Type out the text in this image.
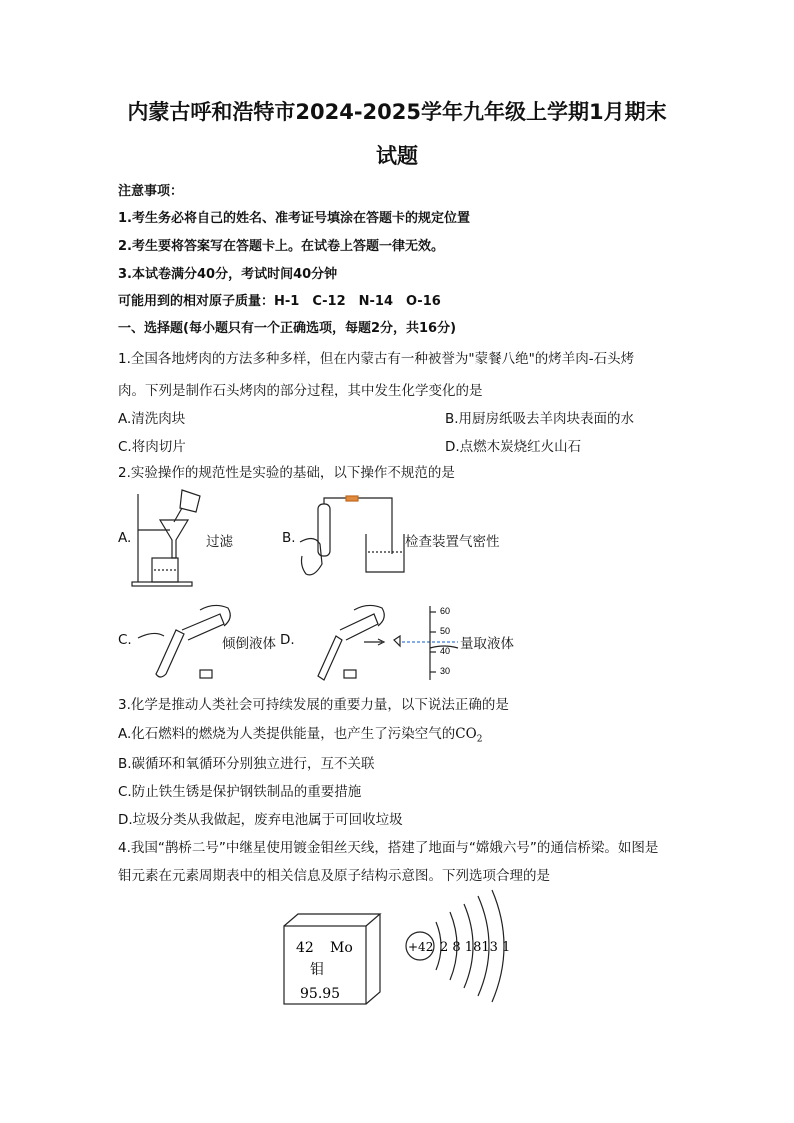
内蒙古呼和浩特市2024-2025学年九年级上学期1月期末
试题
注意事项：
1.考生务必将自己的姓名、准考证号填涂在答题卡的规定位置
2.考生要将答案写在答题卡上。在试卷上答题一律无效。
3.本试卷满分40分，考试时间40分钟
可能用到的相对原子质量：H-1　C-12　N-14　O-16
一、选择题(每小题只有一个正确选项，每题2分，共16分)
1.全国各地烤肉的方法多种多样，但在内蒙古有一种被誉为"蒙餐八绝"的烤羊肉-石头烤
肉。下列是制作石头烤肉的部分过程，其中发生化学变化的是
A.清洗肉块	B.用厨房纸吸去羊肉块表面的水
C.将肉切片	D.点燃木炭烧红火山石
2.实验操作的规范性是实验的基础，以下操作不规范的是
A.	过滤	B.	检查装置气密性
C.	倾倒液体 D.
60
50
40
30
量取液体
3.化学是推动人类社会可持续发展的重要力量，以下说法正确的是
A.化石燃料的燃烧为人类提供能量，也产生了污染空气的$CO_2$
B.碳循环和氧循环分别独立进行，互不关联
C.防止铁生锈是保护钢铁制品的重要措施
D.垃圾分类从我做起，废弃电池属于可回收垃圾
4.我国“鹊桥二号”中继星使用镀金钼丝天线，搭建了地面与“嫦娥六号”的通信桥梁。如图是
钼元素在元素周期表中的相关信息及原子结构示意图。下列选项合理的是
42 Mo
钼
95.95
+42 2 8 1813 1
